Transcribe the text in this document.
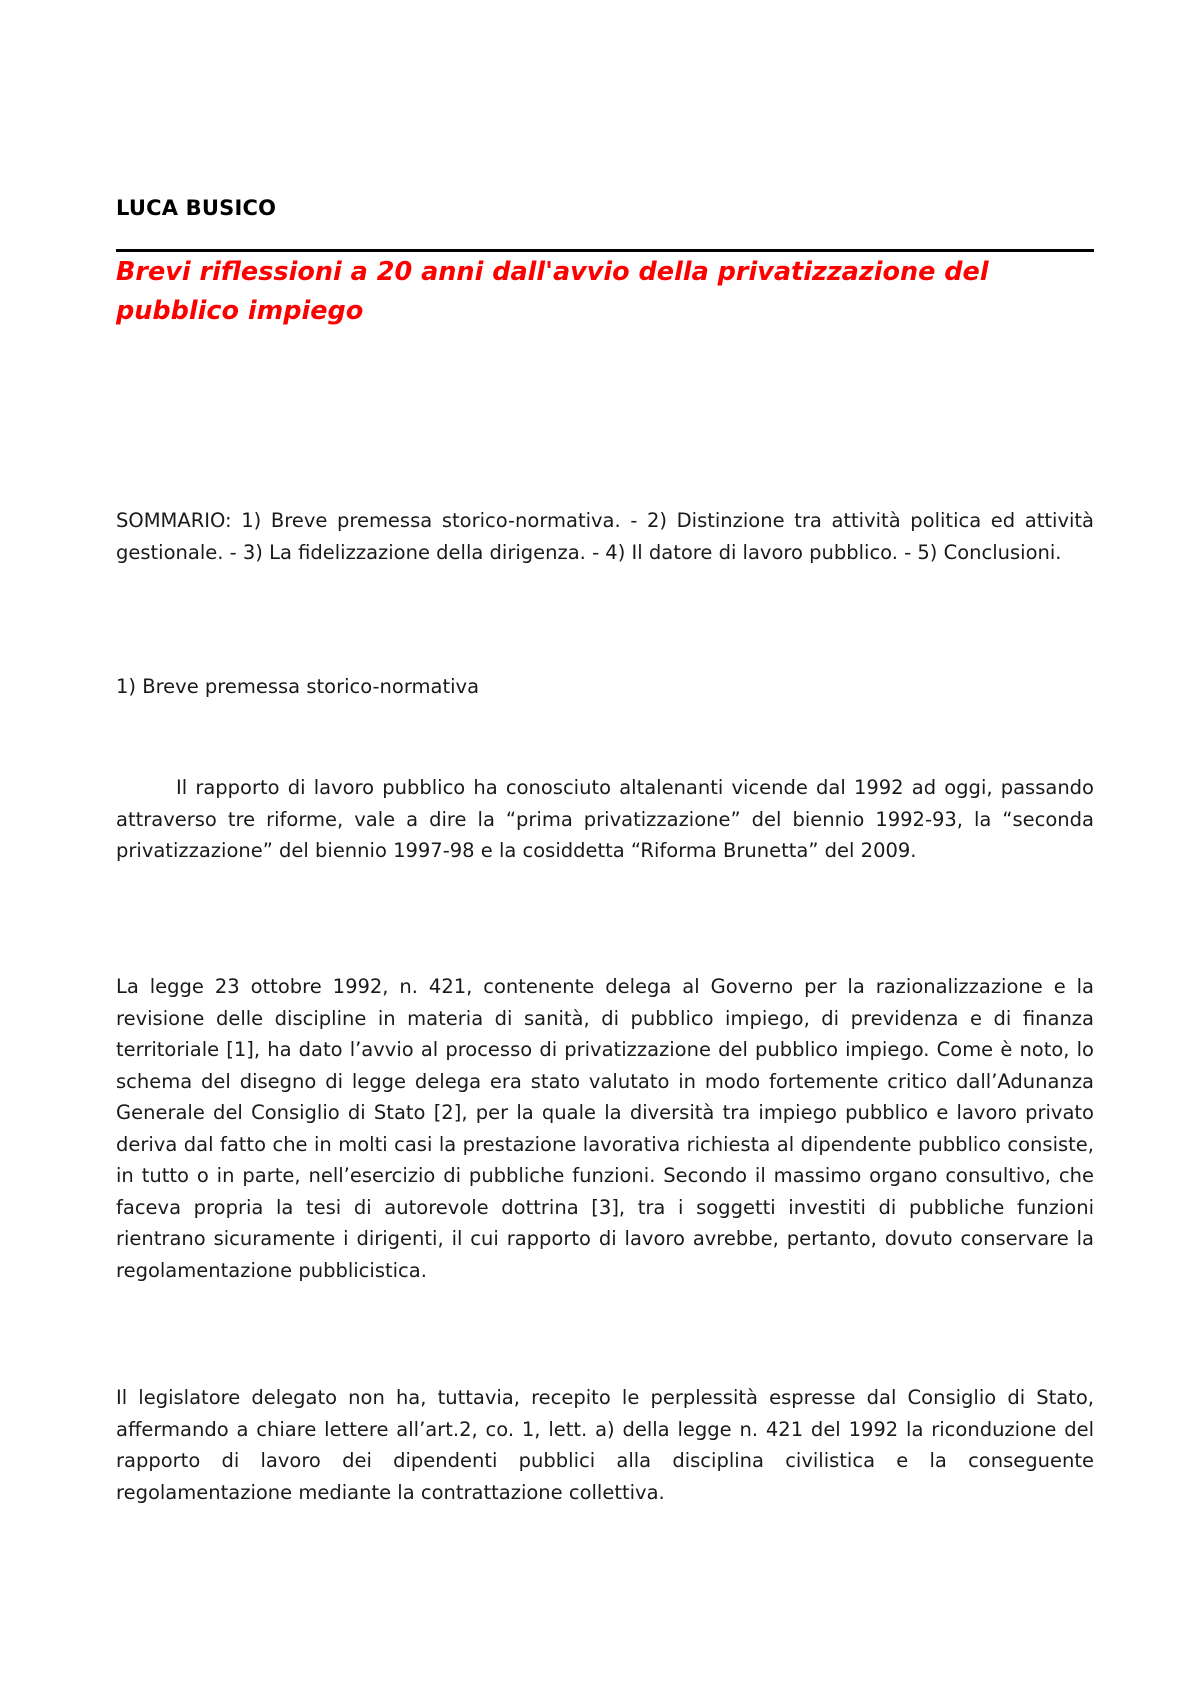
LUCA BUSICO
Brevi riflessioni a 20 anni dall'avvio della privatizzazione del pubblico impiego

SOMMARIO: 1) Breve premessa storico-normativa. - 2) Distinzione tra attività politica ed attività gestionale. - 3) La fidelizzazione della dirigenza. - 4) Il datore di lavoro pubblico. - 5) Conclusioni.

1) Breve premessa storico-normativa

Il rapporto di lavoro pubblico ha conosciuto altalenanti vicende dal 1992 ad oggi, passando attraverso tre riforme, vale a dire la “prima privatizzazione” del biennio 1992-93, la “seconda privatizzazione” del biennio 1997-98 e la cosiddetta “Riforma Brunetta” del 2009.

La legge 23 ottobre 1992, n. 421, contenente delega al Governo per la razionalizzazione e la revisione delle discipline in materia di sanità, di pubblico impiego, di previdenza e di finanza territoriale [1], ha dato l’avvio al processo di privatizzazione del pubblico impiego. Come è noto, lo schema del disegno di legge delega era stato valutato in modo fortemente critico dall’Adunanza Generale del Consiglio di Stato [2], per la quale la diversità tra impiego pubblico e lavoro privato deriva dal fatto che in molti casi la prestazione lavorativa richiesta al dipendente pubblico consiste, in tutto o in parte, nell’esercizio di pubbliche funzioni. Secondo il massimo organo consultivo, che faceva propria la tesi di autorevole dottrina [3], tra i soggetti investiti di pubbliche funzioni rientrano sicuramente i dirigenti, il cui rapporto di lavoro avrebbe, pertanto, dovuto conservare la regolamentazione pubblicistica.

Il legislatore delegato non ha, tuttavia, recepito le perplessità espresse dal Consiglio di Stato, affermando a chiare lettere all’art.2, co. 1, lett. a) della legge n. 421 del 1992 la riconduzione del rapporto di lavoro dei dipendenti pubblici alla disciplina civilistica e la conseguente regolamentazione mediante la contrattazione collettiva.
